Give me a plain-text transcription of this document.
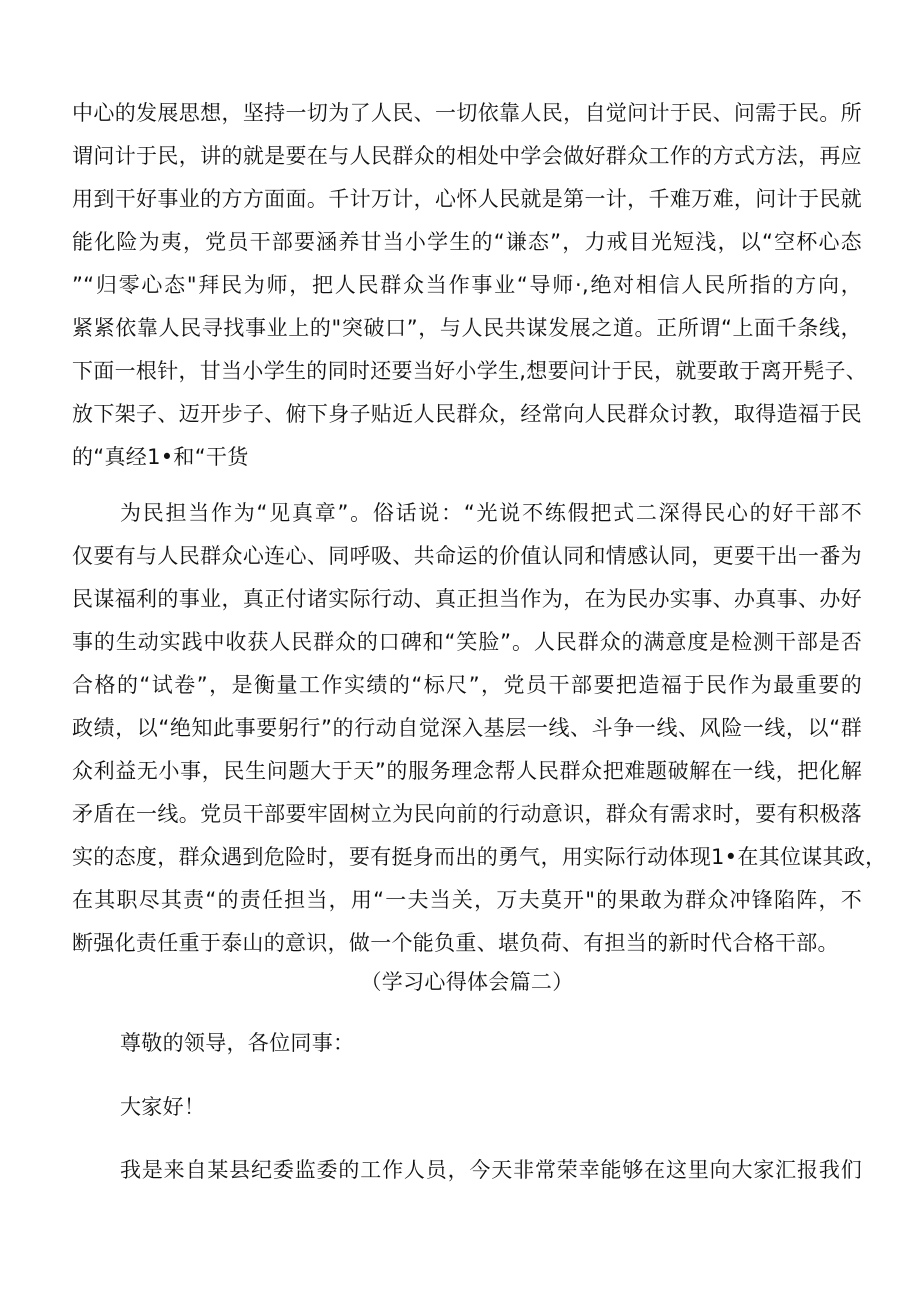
中心的发展思想，坚持一切为了人民、一切依靠人民，自觉问计于民、问需于民。所
谓问计于民，讲的就是要在与人民群众的相处中学会做好群众工作的方式方法，再应
用到干好事业的方方面面。千计万计，心怀人民就是第一计，千难万难，问计于民就
能化险为夷，党员干部要涵养甘当小学生的“谦态”，力戒目光短浅，以“空杯心态
”“归零心态"拜民为师，把人民群众当作事业“导师·,绝对相信人民所指的方向，
紧紧依靠人民寻找事业上的"突破口”，与人民共谋发展之道。正所谓“上面千条线，
下面一根针，甘当小学生的同时还要当好小学生,想要问计于民，就要敢于离开髡子、
放下架子、迈开步子、俯下身子贴近人民群众，经常向人民群众讨教，取得造福于民
的“真经1•和“干货
为民担当作为“见真章”。俗话说：“光说不练假把式二深得民心的好干部不
仅要有与人民群众心连心、同呼吸、共命运的价值认同和情感认同，更要干出一番为
民谋福利的事业，真正付诸实际行动、真正担当作为，在为民办实事、办真事、办好
事的生动实践中收获人民群众的口碑和“笑脸”。人民群众的满意度是检测干部是否
合格的“试卷”，是衡量工作实绩的“标尺”，党员干部要把造福于民作为最重要的
政绩，以“绝知此事要躬行”的行动自觉深入基层一线、斗争一线、风险一线，以“群
众利益无小事，民生问题大于天”的服务理念帮人民群众把难题破解在一线，把化解
矛盾在一线。党员干部要牢固树立为民向前的行动意识，群众有需求时，要有积极落
实的态度，群众遇到危险时，要有挺身而出的勇气，用实际行动体现1•在其位谋其政，
在其职尽其责“的责任担当，用“一夫当关，万夫莫开"的果敢为群众冲锋陷阵，不
断强化责任重于泰山的意识，做一个能负重、堪负荷、有担当的新时代合格干部。
（学习心得体会篇二）
尊敬的领导，各位同事：
大家好！
我是来自某县纪委监委的工作人员，今天非常荣幸能够在这里向大家汇报我们
